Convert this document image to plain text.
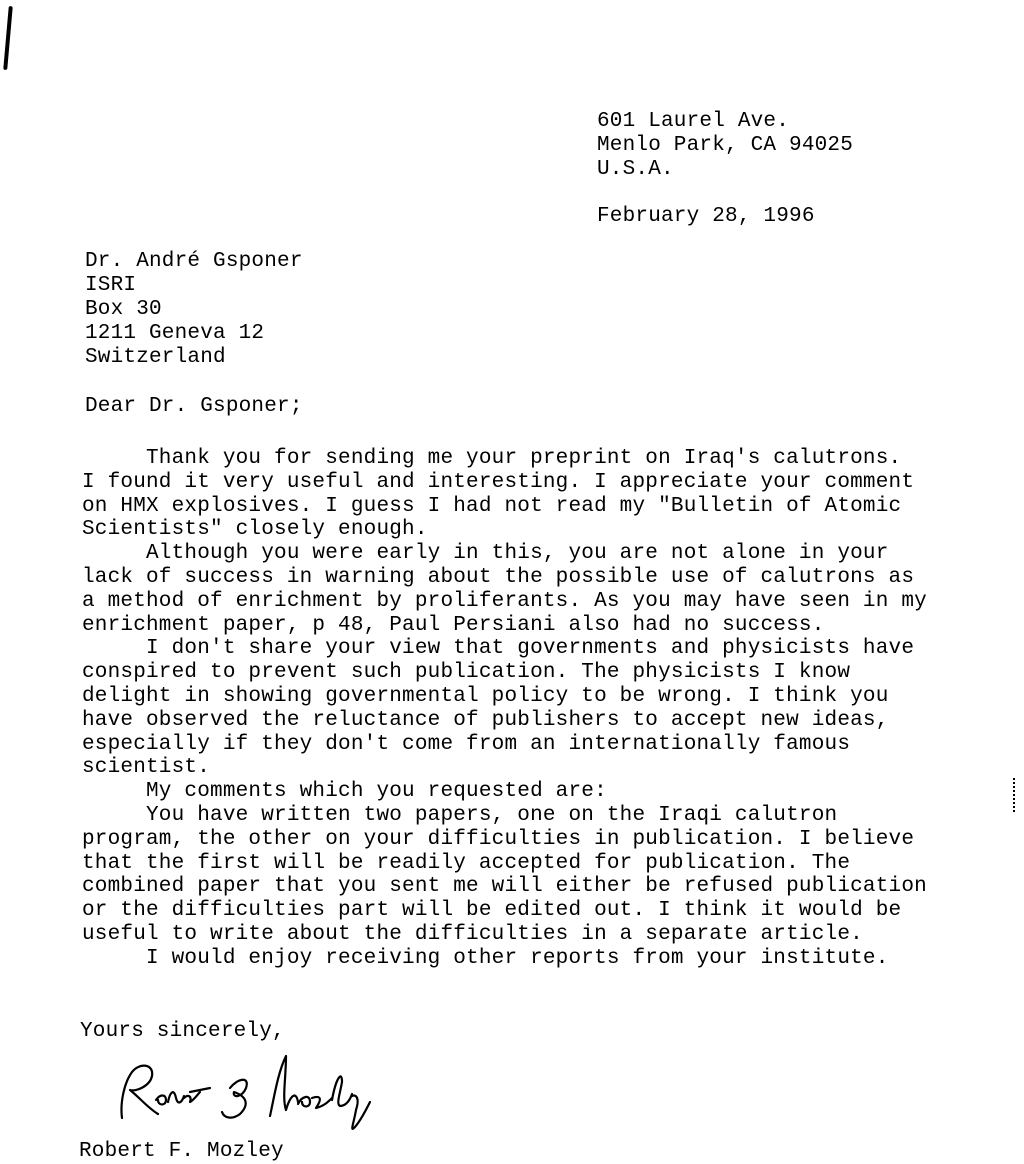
601 Laurel Ave.
Menlo Park, CA 94025
U.S.A.
February 28, 1996
Dr. André Gsponer
ISRI
Box 30
1211 Geneva 12
Switzerland
Dear Dr. Gsponer;
Thank you for sending me your preprint on Iraq's calutrons.
I found it very useful and interesting. I appreciate your comment
on HMX explosives. I guess I had not read my "Bulletin of Atomic
Scientists" closely enough.
Although you were early in this, you are not alone in your
lack of success in warning about the possible use of calutrons as
a method of enrichment by proliferants. As you may have seen in my
enrichment paper, p 48, Paul Persiani also had no success.
I don't share your view that governments and physicists have
conspired to prevent such publication. The physicists I know
delight in showing governmental policy to be wrong. I think you
have observed the reluctance of publishers to accept new ideas,
especially if they don't come from an internationally famous
scientist.
My comments which you requested are:
You have written two papers, one on the Iraqi calutron
program, the other on your difficulties in publication. I believe
that the first will be readily accepted for publication. The
combined paper that you sent me will either be refused publication
or the difficulties part will be edited out. I think it would be
useful to write about the difficulties in a separate article.
I would enjoy receiving other reports from your institute.
Yours sincerely,
Robert F. Mozley
